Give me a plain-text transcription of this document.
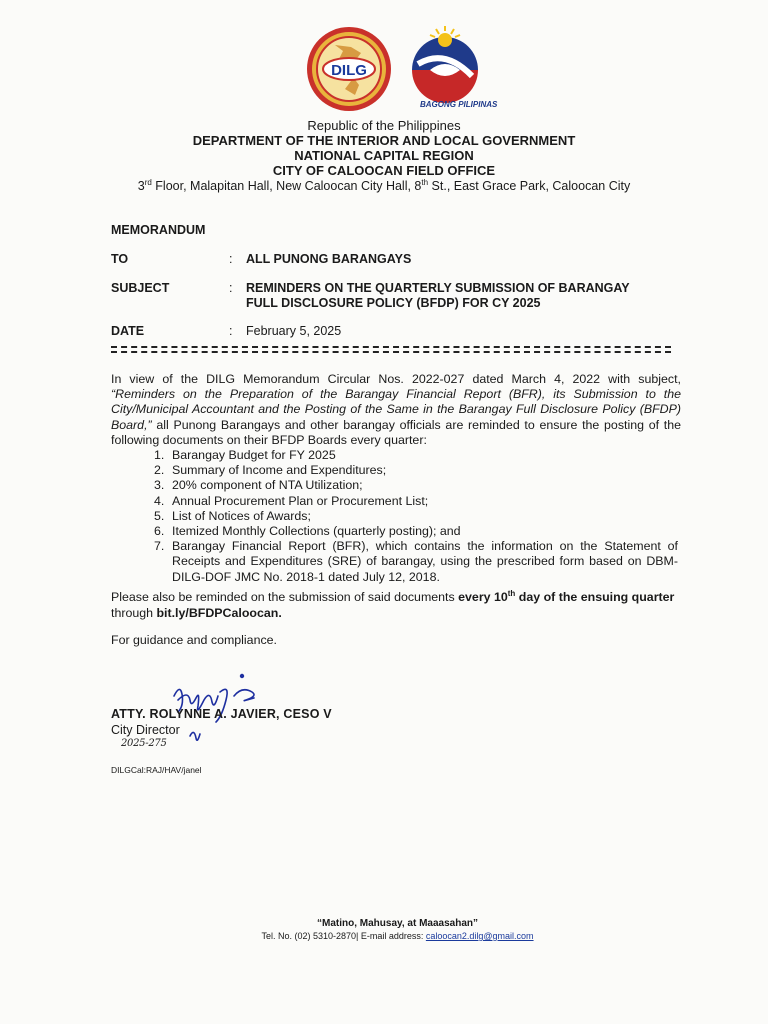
DILG
BAGONG PILIPINAS
Republic of the Philippines
DEPARTMENT OF THE INTERIOR AND LOCAL GOVERNMENT
NATIONAL CAPITAL REGION
CITY OF CALOOCAN FIELD OFFICE
3rd Floor, Malapitan Hall, New Caloocan City Hall, 8th St., East Grace Park, Caloocan City
MEMORANDUM
TO	: ALL PUNONG BARANGAYS
SUBJECT	: REMINDERS ON THE QUARTERLY SUBMISSION OF BARANGAY
FULL DISCLOSURE POLICY (BFDP) FOR CY 2025
DATE	: February 5, 2025

In view of the DILG Memorandum Circular Nos. 2022-027 dated March 4, 2022 with subject, “Reminders on the Preparation of the Barangay Financial Report (BFR), its Submission to the City/Municipal Accountant and the Posting of the Same in the Barangay Full Disclosure Policy (BFDP) Board,” all Punong Barangays and other barangay officials are reminded to ensure the posting of the following documents on their BFDP Boards every quarter:

1. Barangay Budget for FY 2025
2. Summary of Income and Expenditures;
3. 20% component of NTA Utilization;
4. Annual Procurement Plan or Procurement List;
5. List of Notices of Awards;
6. Itemized Monthly Collections (quarterly posting); and
7. Barangay Financial Report (BFR), which contains the information on the Statement of Receipts and Expenditures (SRE) of barangay, using the prescribed form based on DBM-DILG-DOF JMC No. 2018-1 dated July 12, 2018.
Please also be reminded on the submission of said documents every 10th day of the ensuing quarter through bit.ly/BFDPCaloocan.
For guidance and compliance.
ATTY. ROLYNNE A. JAVIER, CESO V
City Director
2025-275
DILGCal:RAJ/HAV/janel
“Matino, Mahusay, at Maaasahan”
Tel. No. (02) 5310-2870| E-mail address: caloocan2.dilg@gmail.com
